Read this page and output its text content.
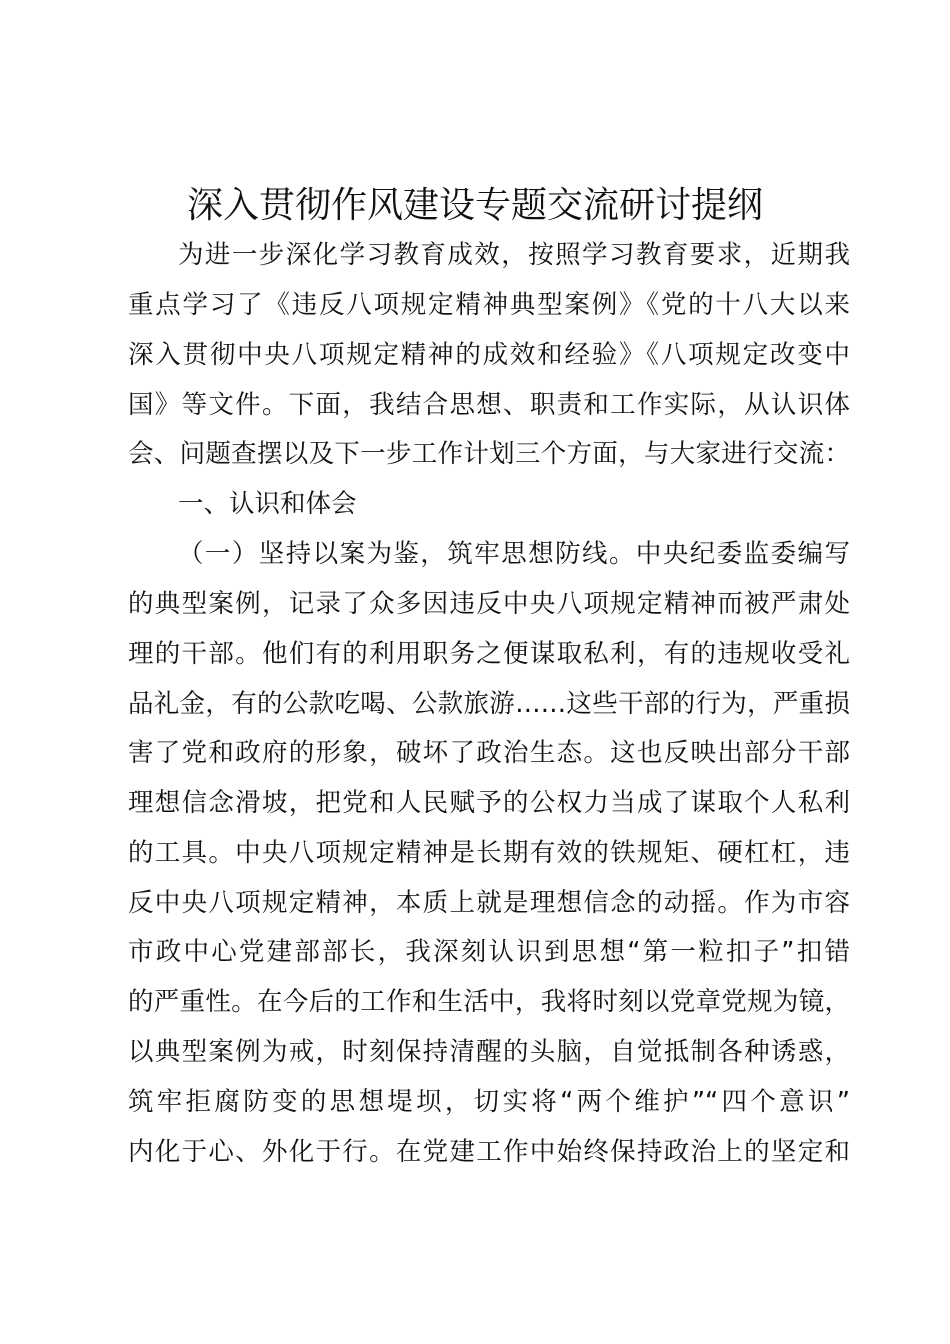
深入贯彻作风建设专题交流研讨提纲
为进一步深化学习教育成效，按照学习教育要求，近期我
重点学习了《违反八项规定精神典型案例》《党的十八大以来
深入贯彻中央八项规定精神的成效和经验》《八项规定改变中
国》等文件。下面，我结合思想、职责和工作实际，从认识体
会、问题查摆以及下一步工作计划三个方面，与大家进行交流：
一、认识和体会
（一）坚持以案为鉴，筑牢思想防线。中央纪委监委编写
的典型案例，记录了众多因违反中央八项规定精神而被严肃处
理的干部。他们有的利用职务之便谋取私利，有的违规收受礼
品礼金，有的公款吃喝、公款旅游……这些干部的行为，严重损
害了党和政府的形象，破坏了政治生态。这也反映出部分干部
理想信念滑坡，把党和人民赋予的公权力当成了谋取个人私利
的工具。中央八项规定精神是长期有效的铁规矩、硬杠杠，违
反中央八项规定精神，本质上就是理想信念的动摇。作为市容
市政中心党建部部长，我深刻认识到思想“第一粒扣子”扣错
的严重性。在今后的工作和生活中，我将时刻以党章党规为镜，
以典型案例为戒，时刻保持清醒的头脑，自觉抵制各种诱惑，
筑牢拒腐防变的思想堤坝，切实将“两个维护”“四个意识”
内化于心、外化于行。在党建工作中始终保持政治上的坚定和
